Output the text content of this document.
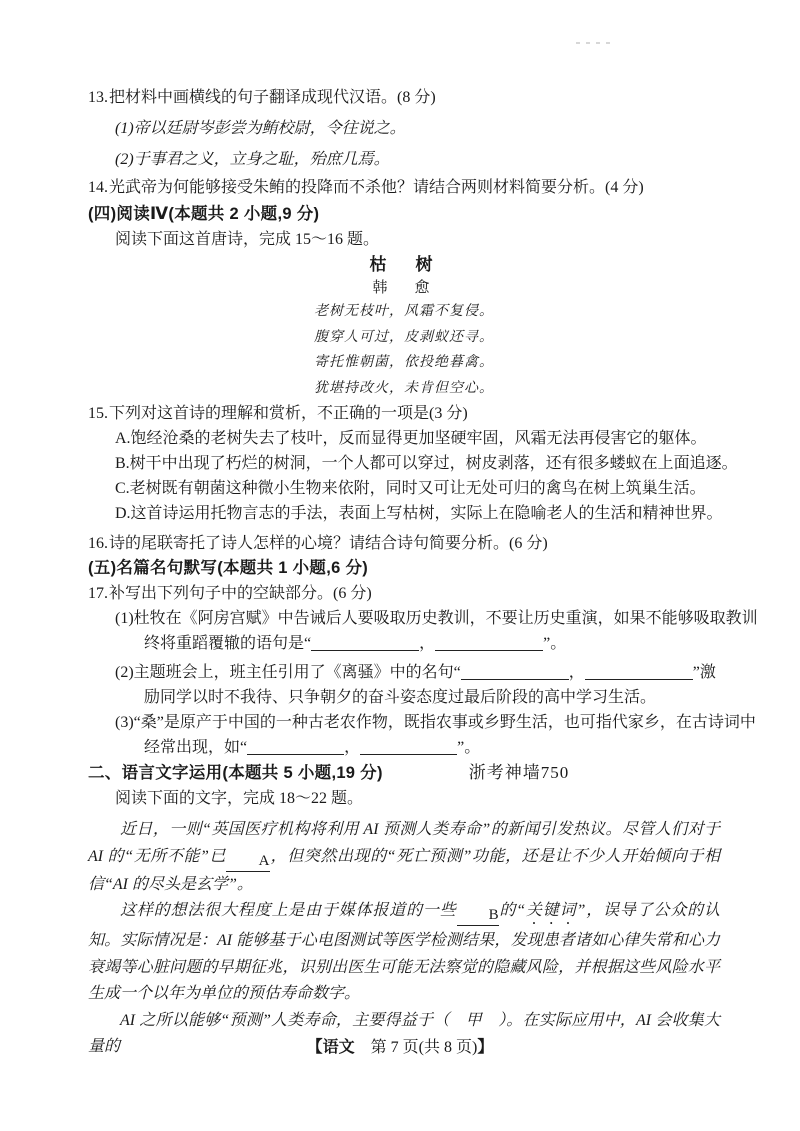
13.把材料中画横线的句子翻译成现代汉语。(8 分)
(1)帝以廷尉岑彭尝为鲔校尉，令往说之。
(2)于事君之义，立身之耻，殆庶几焉。
14.光武帝为何能够接受朱鲔的投降而不杀他？请结合两则材料简要分析。(4 分)
(四)阅读Ⅳ(本题共 2 小题,9 分)
阅读下面这首唐诗，完成 15～16 题。
枯　树
韩　愈
老树无枝叶，风霜不复侵。
腹穿人可过，皮剥蚁还寻。
寄托惟朝菌，依投绝暮禽。
犹堪持改火，未肯但空心。
15.下列对这首诗的理解和赏析，不正确的一项是(3 分)
A.饱经沧桑的老树失去了枝叶，反而显得更加坚硬牢固，风霜无法再侵害它的躯体。
B.树干中出现了朽烂的树洞，一个人都可以穿过，树皮剥落，还有很多蝼蚁在上面追逐。
C.老树既有朝菌这种微小生物来依附，同时又可让无处可归的禽鸟在树上筑巢生活。
D.这首诗运用托物言志的手法，表面上写枯树，实际上在隐喻老人的生活和精神世界。
16.诗的尾联寄托了诗人怎样的心境？请结合诗句简要分析。(6 分)
(五)名篇名句默写(本题共 1 小题,6 分)
17.补写出下列句子中的空缺部分。(6 分)
(1)杜牧在《阿房宫赋》中告诫后人要吸取历史教训，不要让历史重演，如果不能够吸取教训
终将重蹈覆辙的语句是“	，	”。
(2)主题班会上，班主任引用了《离骚》中的名句“	，	”激
励同学以时不我待、只争朝夕的奋斗姿态度过最后阶段的高中学习生活。
(3)“桑”是原产于中国的一种古老农作物，既指农事或乡野生活，也可指代家乡，在古诗词中
经常出现，如“	，	”。
二、语言文字运用(本题共 5 小题,19 分)	浙考神墙750
阅读下面的文字，完成 18～22 题。

近日，一则“英国医疗机构将利用 AI 预测人类寿命”的新闻引发热议。尽管人们对于 AI 的“无所不能”已 A，但突然出现的“死亡预测”功能，还是让不少人开始倾向于相信“AI 的尽头是玄学”。

这样的想法很大程度上是由于媒体报道的一些 B的“关键词”，误导了公众的认知。实际情况是：AI 能够基于心电图测试等医学检测结果，发现患者诸如心律失常和心力衰竭等心脏问题的早期征兆，识别出医生可能无法察觉的隐藏风险，并根据这些风险水平生成一个以年为单位的预估寿命数字。

AI 之所以能够“预测”人类寿命，主要得益于（　甲　）。在实际应用中，AI 会收集大量的	【语文　第 7 页(共 8 页)】
